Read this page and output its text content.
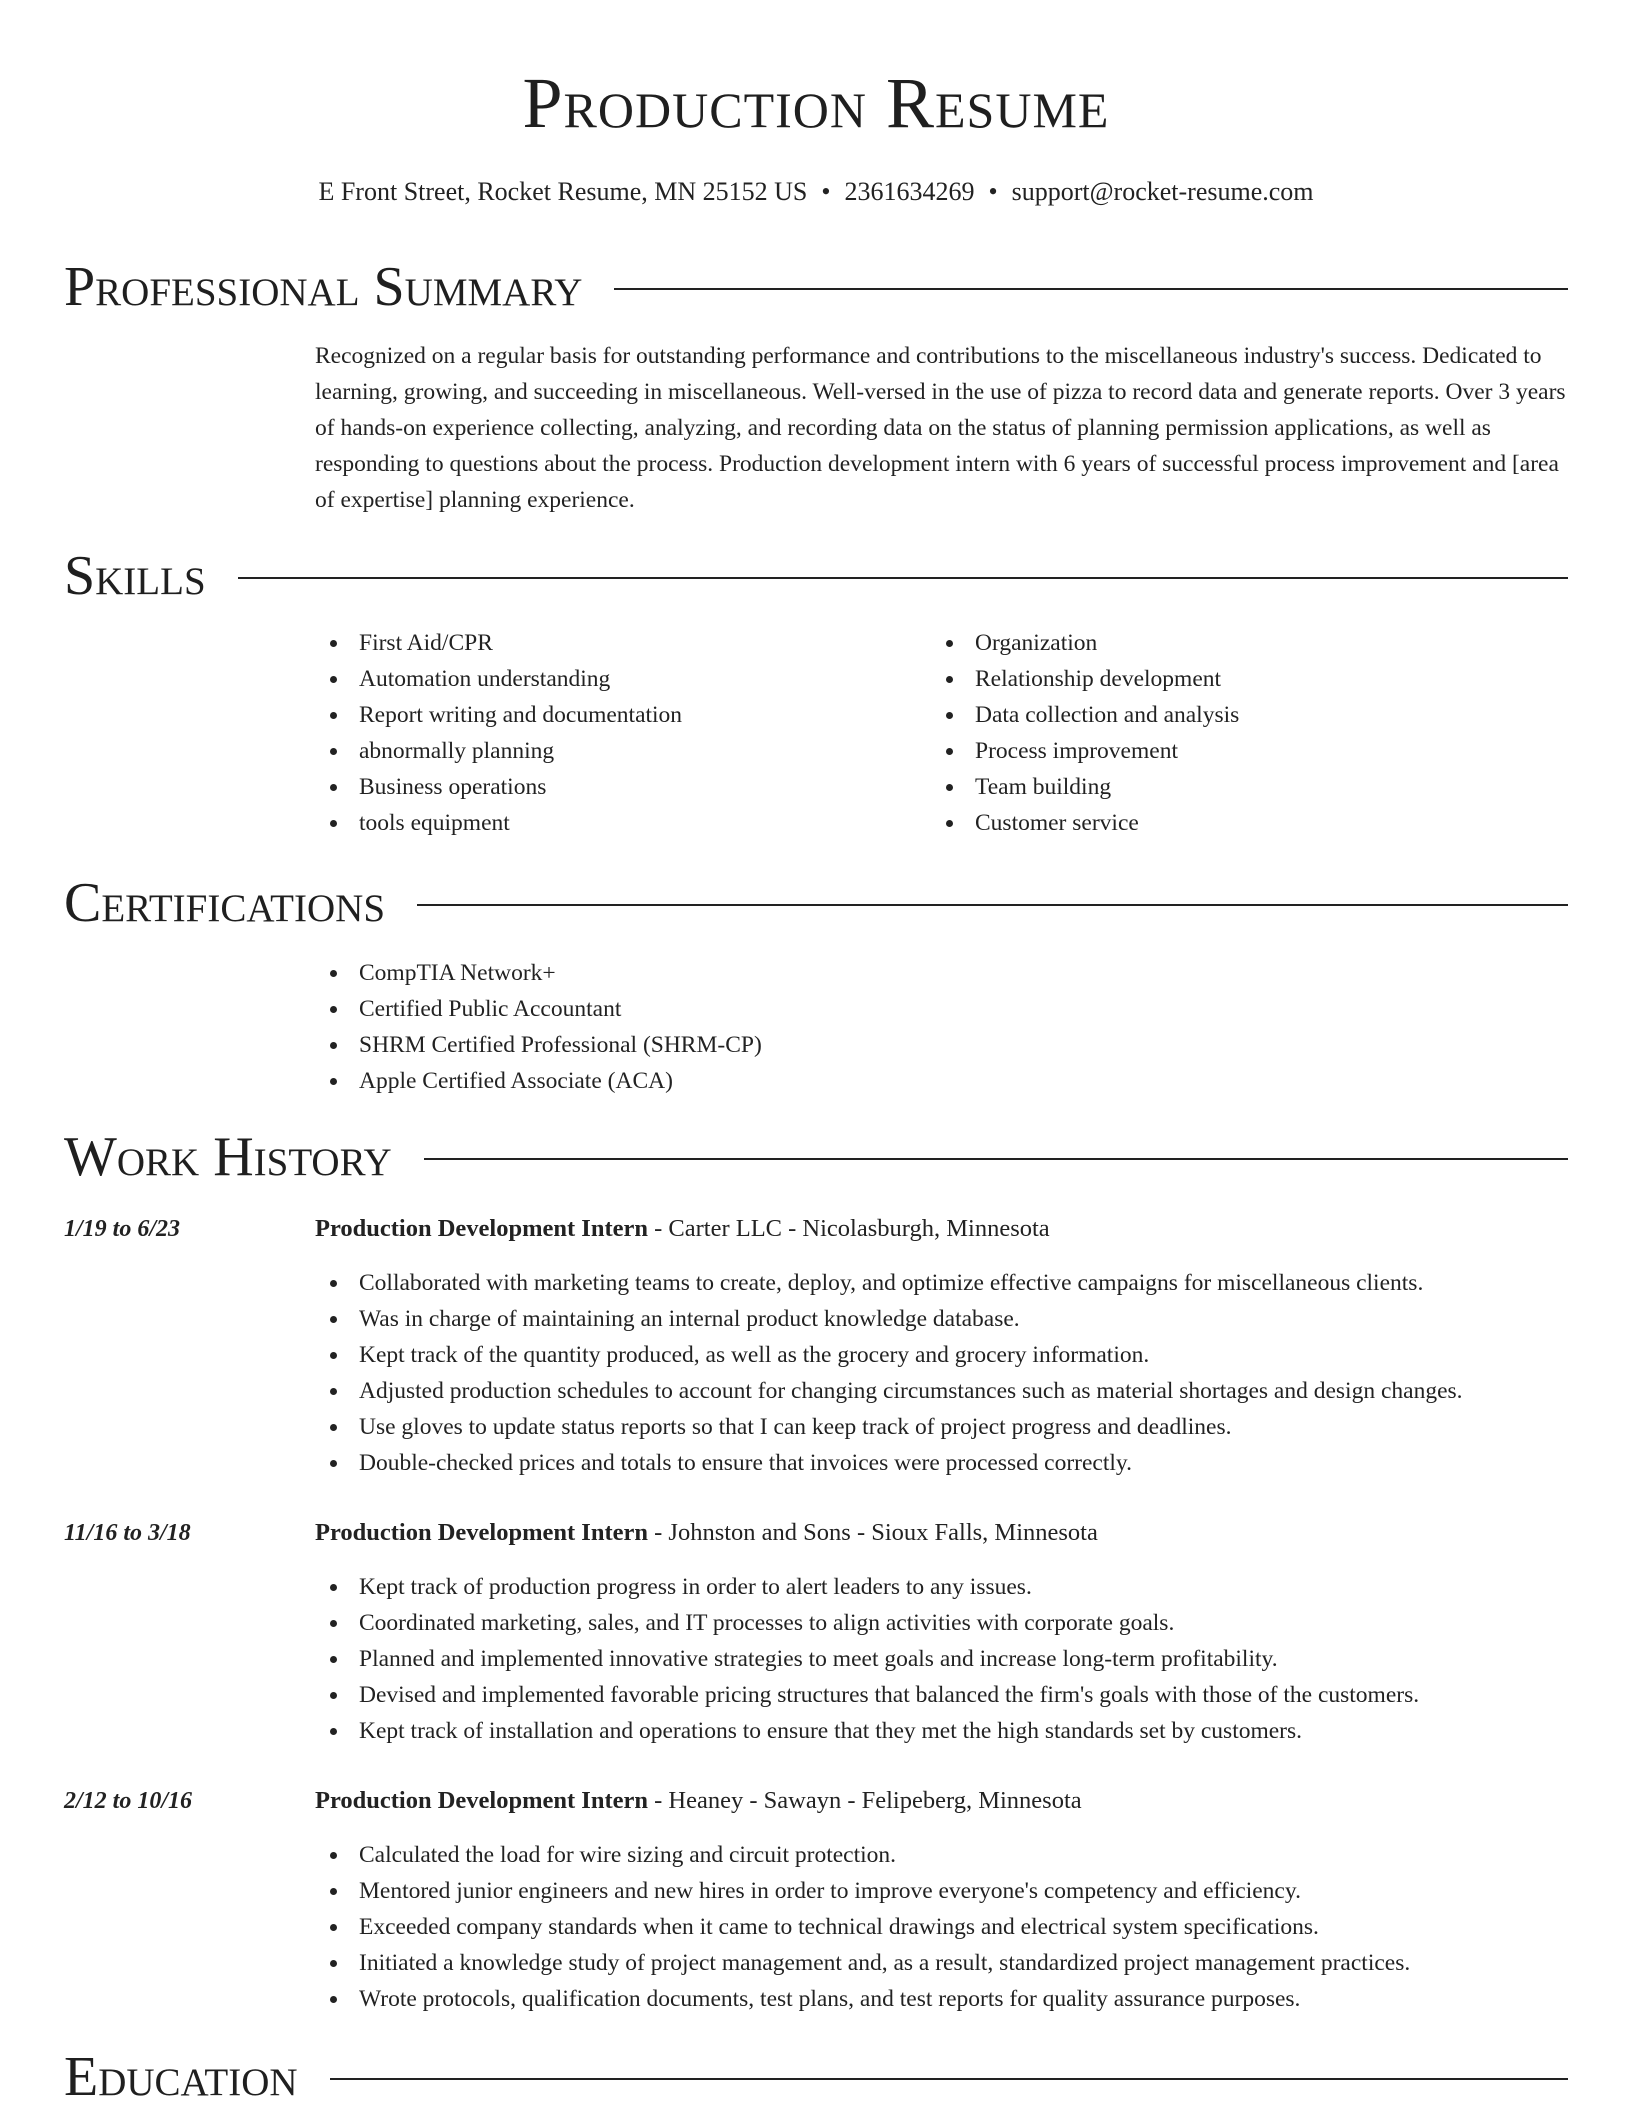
Production Resume
E Front Street, Rocket Resume, MN 25152 US • 2361634269 • support@rocket-resume.com
Professional Summary

Recognized on a regular basis for outstanding performance and contributions to the miscellaneous industry's success. Dedicated to learning, growing, and succeeding in miscellaneous. Well-versed in the use of pizza to record data and generate reports. Over 3 years of hands-on experience collecting, analyzing, and recording data on the status of planning permission applications, as well as responding to questions about the process. Production development intern with 6 years of successful process improvement and [area of expertise] planning experience.

Skills
First Aid/CPR
Automation understanding
Report writing and documentation
abnormally planning
Business operations
tools equipment
Organization
Relationship development
Data collection and analysis
Process improvement
Team building
Customer service
Certifications
CompTIA Network+
Certified Public Accountant
SHRM Certified Professional (SHRM-CP)
Apple Certified Associate (ACA)
Work History
1/19 to 6/23	Production Development Intern - Carter LLC - Nicolasburgh, Minnesota
Collaborated with marketing teams to create, deploy, and optimize effective campaigns for miscellaneous clients.
Was in charge of maintaining an internal product knowledge database.
Kept track of the quantity produced, as well as the grocery and grocery information.
Adjusted production schedules to account for changing circumstances such as material shortages and design changes.
Use gloves to update status reports so that I can keep track of project progress and deadlines.
Double-checked prices and totals to ensure that invoices were processed correctly.
11/16 to 3/18	Production Development Intern - Johnston and Sons - Sioux Falls, Minnesota
Kept track of production progress in order to alert leaders to any issues.
Coordinated marketing, sales, and IT processes to align activities with corporate goals.
Planned and implemented innovative strategies to meet goals and increase long-term profitability.
Devised and implemented favorable pricing structures that balanced the firm's goals with those of the customers.
Kept track of installation and operations to ensure that they met the high standards set by customers.
2/12 to 10/16	Production Development Intern - Heaney - Sawayn - Felipeberg, Minnesota
Calculated the load for wire sizing and circuit protection.
Mentored junior engineers and new hires in order to improve everyone's competency and efficiency.
Exceeded company standards when it came to technical drawings and electrical system specifications.
Initiated a knowledge study of project management and, as a result, standardized project management practices.
Wrote protocols, qualification documents, test plans, and test reports for quality assurance purposes.
Education
